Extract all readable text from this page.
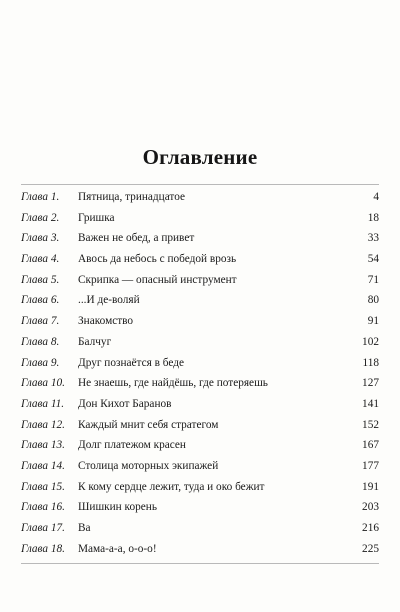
Оглавление
Глава 1.	Пятница, тринадцатое	4
Глава 2.	Гришка	18
Глава 3.	Важен не обед, а привет	33
Глава 4.	Авось да небось с победой врозь	54
Глава 5.	Скрипка — опасный инструмент	71
Глава 6.	...И де-воляй	80
Глава 7.	Знакомство	91
Глава 8.	Балчуг	102
Глава 9.	Друг познаётся в беде	118
Глава 10.	Не знаешь, где найдёшь, где потеряешь	127
Глава 11.	Дон Кихот Баранов	141
Глава 12.	Каждый мнит себя стратегом	152
Глава 13.	Долг платежом красен	167
Глава 14.	Столица моторных экипажей	177
Глава 15.	К кому сердце лежит, туда и око бежит	191
Глава 16.	Шишкин корень	203
Глава 17.	Ва	216
Глава 18.	Мама-а-а, о-о-о!	225
